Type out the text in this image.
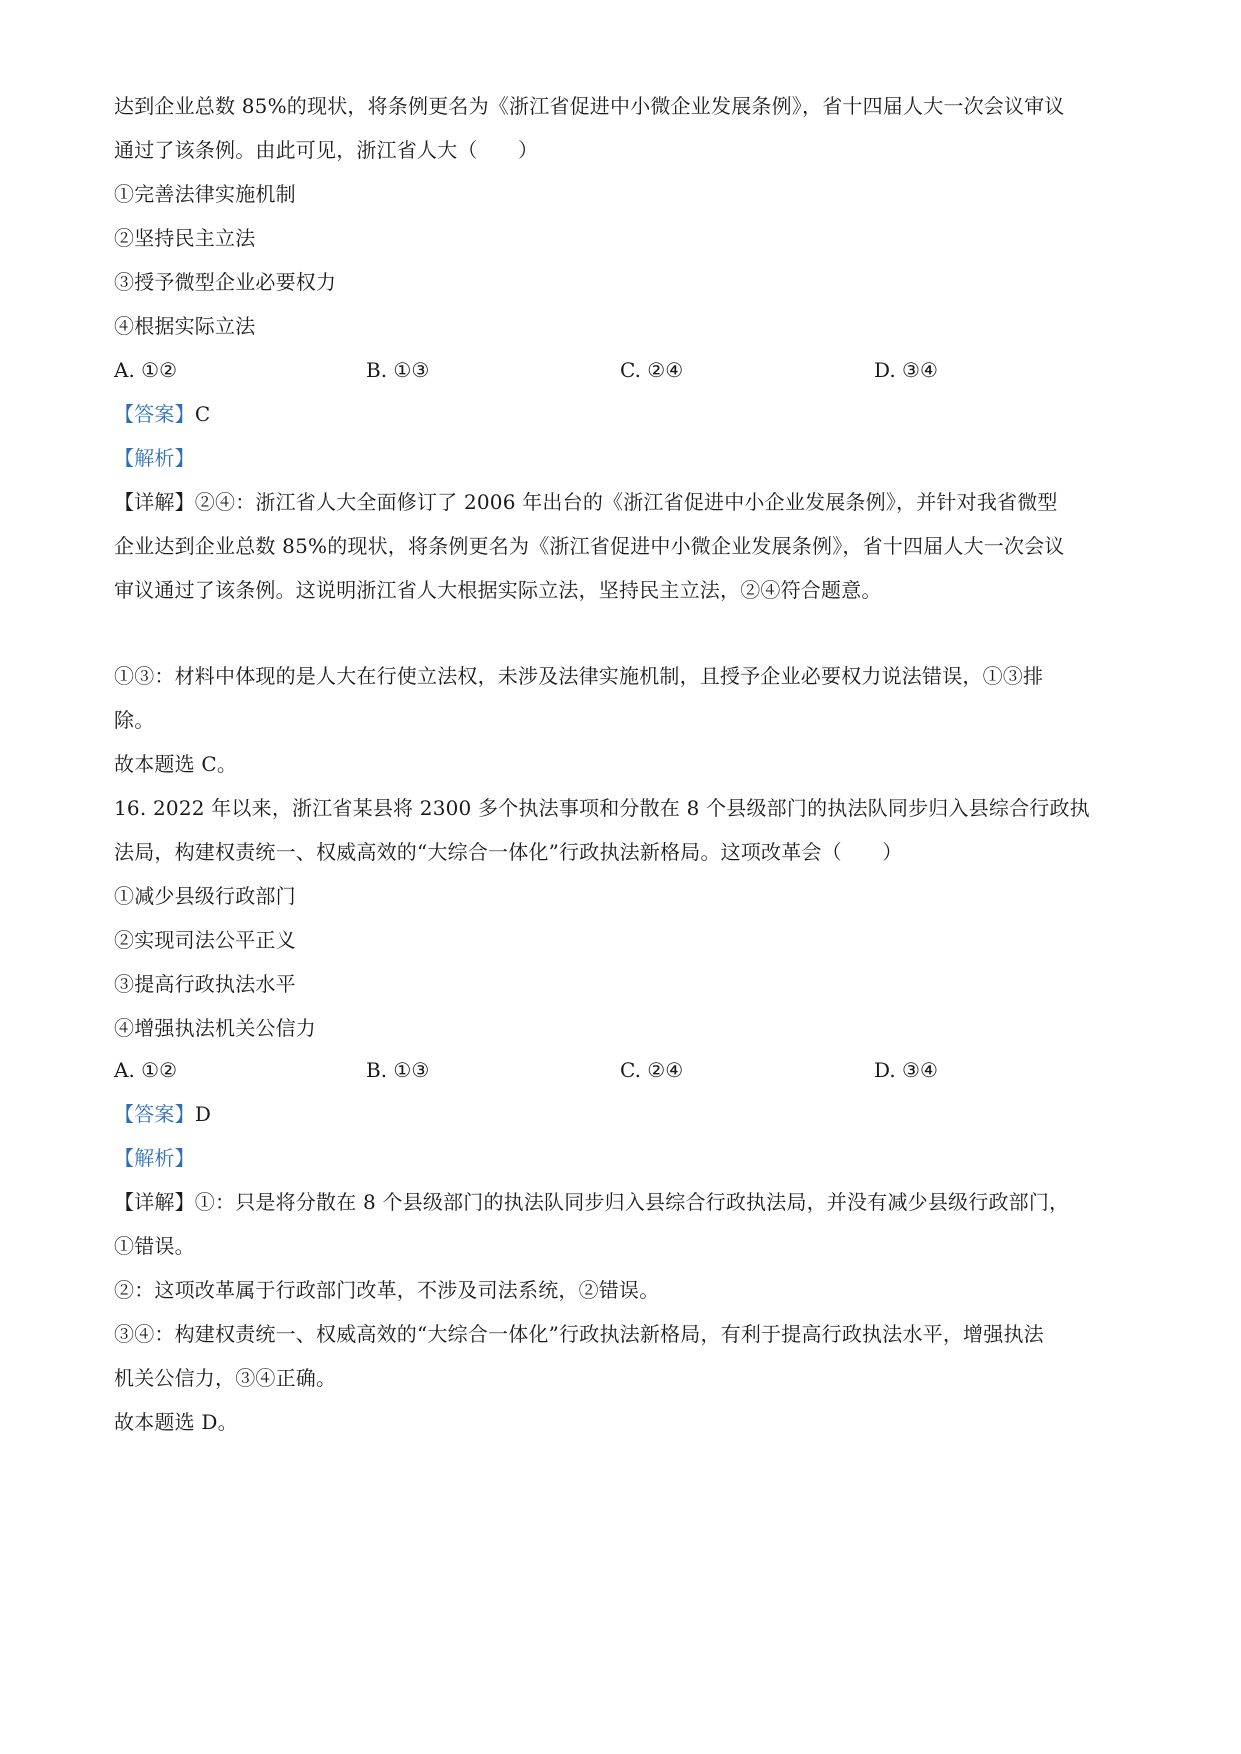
达到企业总数 85%的现状，将条例更名为《浙江省促进中小微企业发展条例》，省十四届人大一次会议审议
通过了该条例。由此可见，浙江省人大（　　）
①完善法律实施机制
②坚持民主立法
③授予微型企业必要权力
④根据实际立法
A. ①②	B. ①③	C. ②④	D. ③④
【答案】C
【解析】
【详解】②④：浙江省人大全面修订了 2006 年出台的《浙江省促进中小企业发展条例》，并针对我省微型
企业达到企业总数 85%的现状，将条例更名为《浙江省促进中小微企业发展条例》，省十四届人大一次会议
审议通过了该条例。这说明浙江省人大根据实际立法，坚持民主立法，②④符合题意。
①③：材料中体现的是人大在行使立法权，未涉及法律实施机制，且授予企业必要权力说法错误，①③排
除。
故本题选 C。
16. 2022 年以来，浙江省某县将 2300 多个执法事项和分散在 8 个县级部门的执法队同步归入县综合行政执
法局，构建权责统一、权威高效的“大综合一体化”行政执法新格局。这项改革会（　　）
①减少县级行政部门
②实现司法公平正义
③提高行政执法水平
④增强执法机关公信力
A. ①②	B. ①③	C. ②④	D. ③④
【答案】D
【解析】
【详解】①：只是将分散在 8 个县级部门的执法队同步归入县综合行政执法局，并没有减少县级行政部门，
①错误。
②：这项改革属于行政部门改革，不涉及司法系统，②错误。
③④：构建权责统一、权威高效的“大综合一体化”行政执法新格局，有利于提高行政执法水平，增强执法
机关公信力，③④正确。
故本题选 D。
